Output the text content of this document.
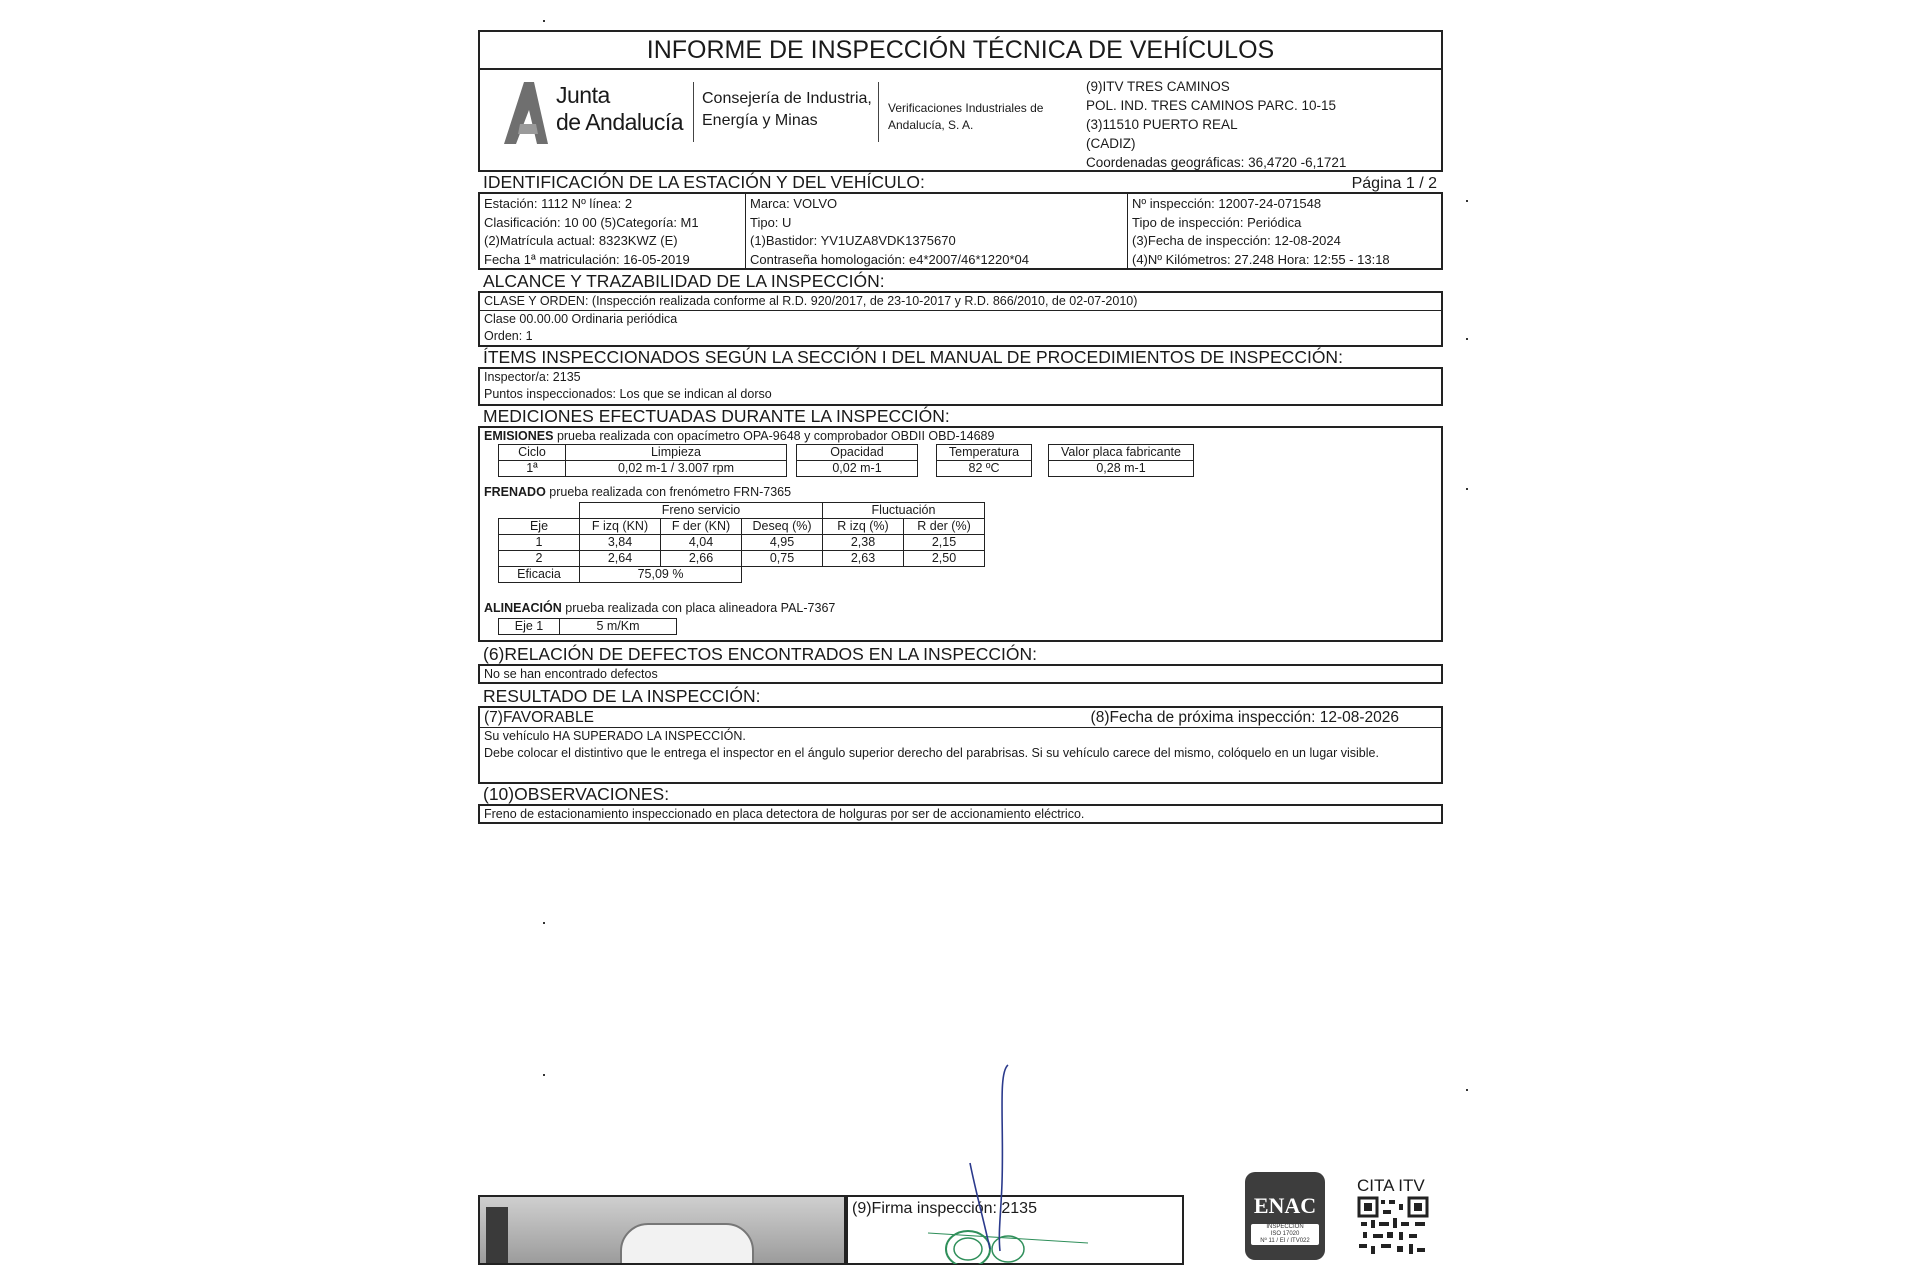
INFORME DE INSPECCIÓN TÉCNICA DE VEHÍCULOS
Junta
de Andalucía
Consejería de Industria,
Energía y Minas
Verificaciones Industriales de
Andalucía, S. A.
(9)ITV TRES CAMINOS
POL. IND. TRES CAMINOS PARC. 10-15
(3)11510 PUERTO REAL
(CADIZ)
Coordenadas geográficas: 36,4720 -6,1721
IDENTIFICACIÓN DE LA ESTACIÓN Y DEL VEHÍCULO:	Página 1 / 2
Estación: 1112 Nº línea: 2
Clasificación: 10 00 (5)Categoría: M1
(2)Matrícula actual: 8323KWZ (E)
Fecha 1ª matriculación: 16-05-2019
Marca: VOLVO
Tipo: U
(1)Bastidor: YV1UZA8VDK1375670
Contraseña homologación: e4*2007/46*1220*04
Nº inspección: 12007-24-071548
Tipo de inspección: Periódica
(3)Fecha de inspección: 12-08-2024
(4)Nº Kilómetros: 27.248 Hora: 12:55 - 13:18
ALCANCE Y TRAZABILIDAD DE LA INSPECCIÓN:
CLASE Y ORDEN: (Inspección realizada conforme al R.D. 920/2017, de 23-10-2017 y R.D. 866/2010, de 02-07-2010)
Clase 00.00.00 Ordinaria periódica
Orden: 1
ÍTEMS INSPECCIONADOS SEGÚN LA SECCIÓN I DEL MANUAL DE PROCEDIMIENTOS DE INSPECCIÓN:
Inspector/a: 2135
Puntos inspeccionados: Los que se indican al dorso
MEDICIONES EFECTUADAS DURANTE LA INSPECCIÓN:
EMISIONES prueba realizada con opacímetro OPA-9648 y comprobador OBDII OBD-14689
Ciclo	Limpieza
1ª	0,02 m-1 / 3.007 rpm
Opacidad
0,02 m-1
Temperatura
82 ºC
Valor placa fabricante
0,28 m-1
FRENADO prueba realizada con frenómetro FRN-7365
	Freno servicio			Fluctuación	
Eje	F izq (KN)	F der (KN)	Deseq (%)	R izq (%)	R der (%)
1	3,84	4,04	4,95	2,38	2,15
2	2,64	2,66	0,75	2,63	2,50
Eficacia	75,09 %				
ALINEACIÓN prueba realizada con placa alineadora PAL-7367
Eje 1	5 m/Km
(6)RELACIÓN DE DEFECTOS ENCONTRADOS EN LA INSPECCIÓN:
No se han encontrado defectos
RESULTADO DE LA INSPECCIÓN:
(7)FAVORABLE	(8)Fecha de próxima inspección: 12-08-2026
Su vehículo HA SUPERADO LA INSPECCIÓN.
Debe colocar el distintivo que le entrega el inspector en el ángulo superior derecho del parabrisas. Si su vehículo carece del mismo, colóquelo en un lugar visible.
(10)OBSERVACIONES:
Freno de estacionamiento inspeccionado en placa detectora de holguras por ser de accionamiento eléctrico.
(9)Firma inspección: 2135	ENAC
INSPECCIÓN
ISO 17020
Nº 11 / EI / ITV022
CITA ITV
